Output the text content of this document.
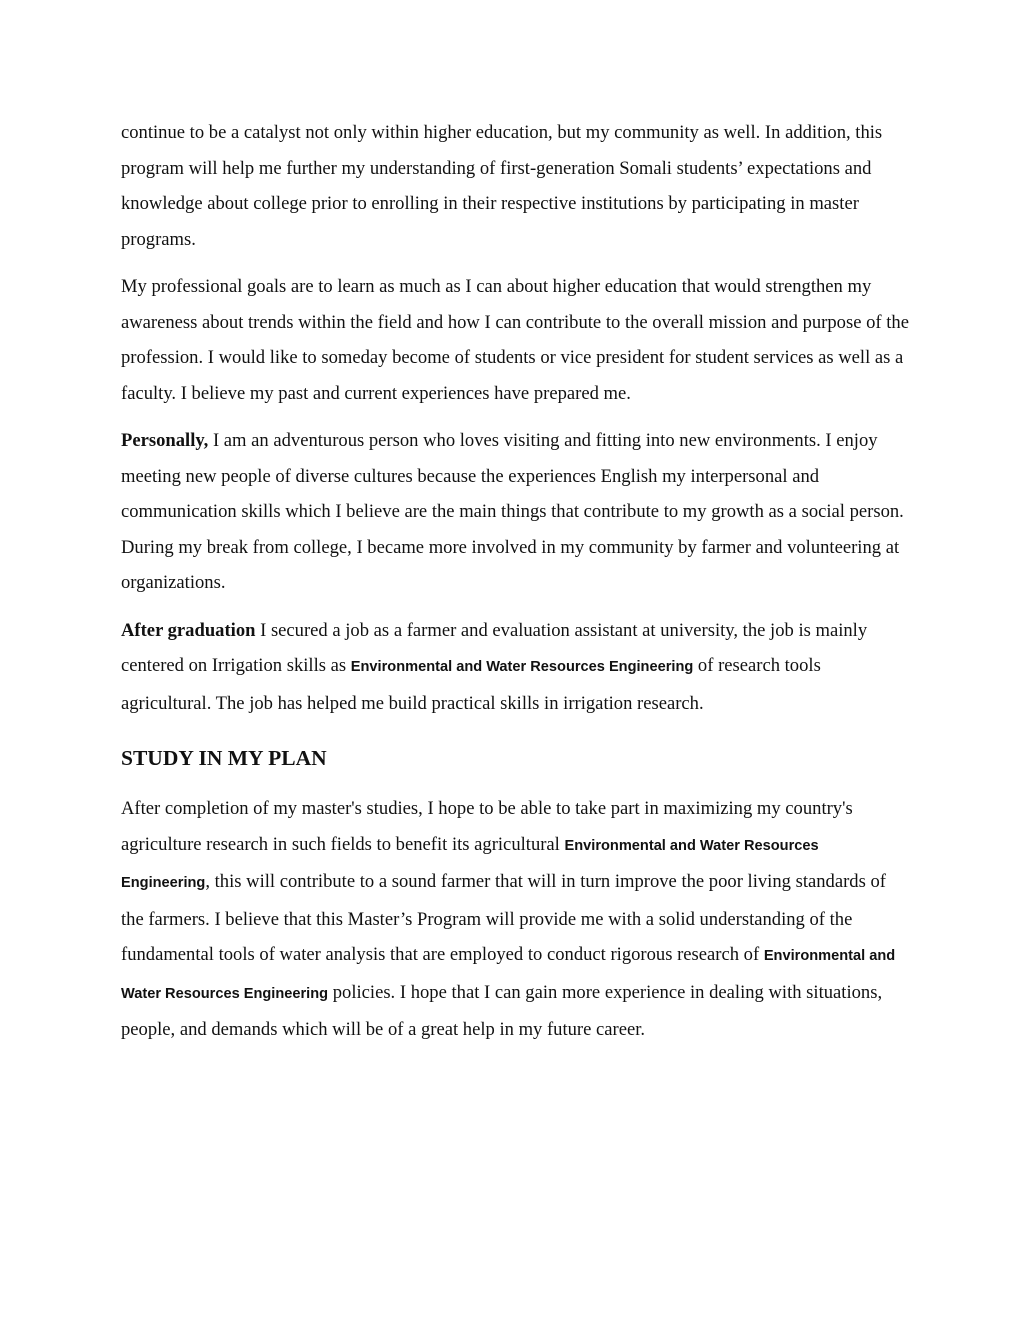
continue to be a catalyst not only within higher education, but my community as well. In addition, this program will help me further my understanding of first-generation Somali students’ expectations and knowledge about college prior to enrolling in their respective institutions by participating in master programs.

My professional goals are to learn as much as I can about higher education that would strengthen my awareness about trends within the field and how I can contribute to the overall mission and purpose of the profession. I would like to someday become of students or vice president for student services as well as a faculty. I believe my past and current experiences have prepared me.

Personally, I am an adventurous person who loves visiting and fitting into new environments. I enjoy meeting new people of diverse cultures because the experiences English my interpersonal and communication skills which I believe are the main things that contribute to my growth as a social person. During my break from college, I became more involved in my community by farmer and volunteering at organizations.

After graduation I secured a job as a farmer and evaluation assistant at university, the job is mainly centered on Irrigation skills as Environmental and Water Resources Engineering of research tools agricultural. The job has helped me build practical skills in irrigation research.

STUDY IN MY PLAN

After completion of my master's studies, I hope to be able to take part in maximizing my country's agriculture research in such fields to benefit its agricultural Environmental and Water Resources Engineering, this will contribute to a sound farmer that will in turn improve the poor living standards of the farmers. I believe that this Master’s Program will provide me with a solid understanding of the fundamental tools of water analysis that are employed to conduct rigorous research of Environmental and Water Resources Engineering policies. I hope that I can gain more experience in dealing with situations, people, and demands which will be of a great help in my future career.
